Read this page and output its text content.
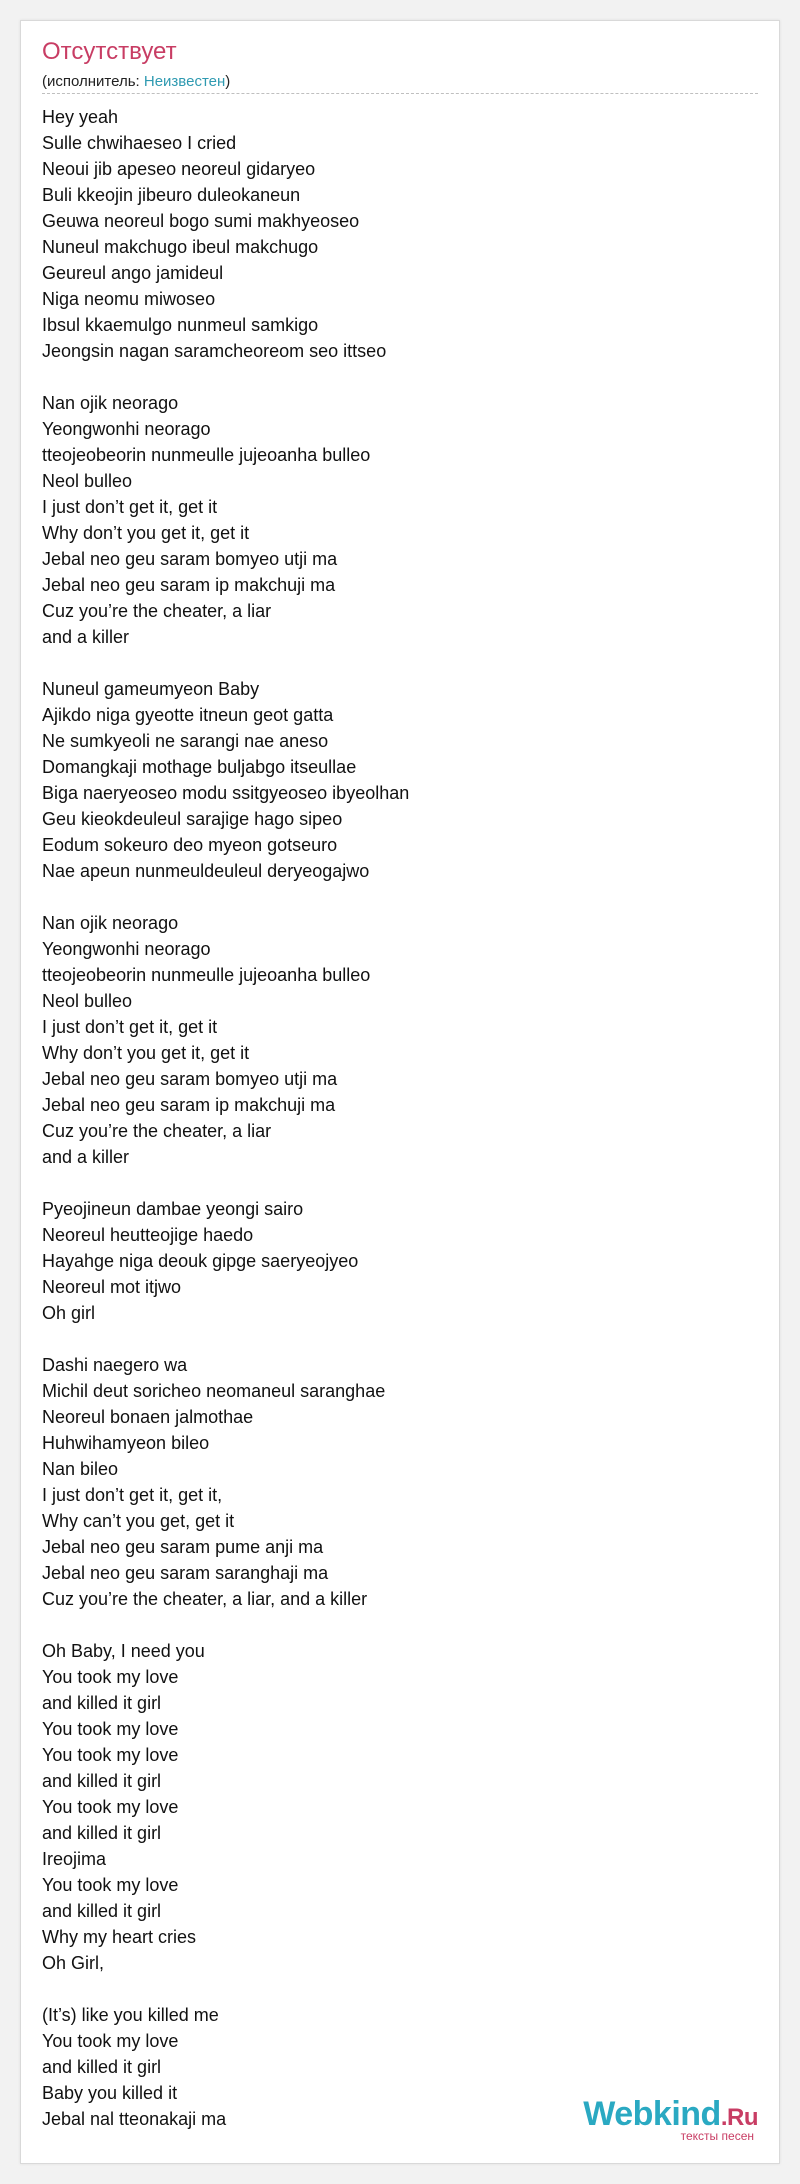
Отсутствует
(исполнитель: Неизвестен)
Hey yeah
Sulle chwihaeseo I cried
Neoui jib apeseo neoreul gidaryeo
Buli kkeojin jibeuro duleokaneun
Geuwa neoreul bogo sumi makhyeoseo
Nuneul makchugo ibeul makchugo
Geureul ango jamideul
Niga neomu miwoseo
Ibsul kkaemulgo nunmeul samkigo
Jeongsin nagan saramcheoreom seo ittseo
Nan ojik neorago
Yeongwonhi neorago
tteojeobeorin nunmeulle jujeoanha bulleo
Neol bulleo
I just don’t get it, get it
Why don’t you get it, get it
Jebal neo geu saram bomyeo utji ma
Jebal neo geu saram ip makchuji ma
Cuz you’re the cheater, a liar
and a killer
Nuneul gameumyeon Baby
Ajikdo niga gyeotte itneun geot gatta
Ne sumkyeoli ne sarangi nae aneso
Domangkaji mothage buljabgo itseullae
Biga naeryeoseo modu ssitgyeoseo ibyeolhan
Geu kieokdeuleul sarajige hago sipeo
Eodum sokeuro deo myeon gotseuro
Nae apeun nunmeuldeuleul deryeogajwo
Nan ojik neorago
Yeongwonhi neorago
tteojeobeorin nunmeulle jujeoanha bulleo
Neol bulleo
I just don’t get it, get it
Why don’t you get it, get it
Jebal neo geu saram bomyeo utji ma
Jebal neo geu saram ip makchuji ma
Cuz you’re the cheater, a liar
and a killer
Pyeojineun dambae yeongi sairo
Neoreul heutteojige haedo
Hayahge niga deouk gipge saeryeojyeo
Neoreul mot itjwo
Oh girl
Dashi naegero wa
Michil deut soricheo neomaneul saranghae
Neoreul bonaen jalmothae
Huhwihamyeon bileo
Nan bileo
I just don’t get it, get it,
Why can’t you get, get it
Jebal neo geu saram pume anji ma
Jebal neo geu saram saranghaji ma
Cuz you’re the cheater, a liar, and a killer
Oh Baby, I need you
You took my love
and killed it girl
You took my love
You took my love
and killed it girl
You took my love
and killed it girl
Ireojima
You took my love
and killed it girl
Why my heart cries
Oh Girl,
(It’s) like you killed me
You took my love
and killed it girl
Baby you killed it
Jebal nal tteonakaji ma	Webkind.Ru
тексты песен
